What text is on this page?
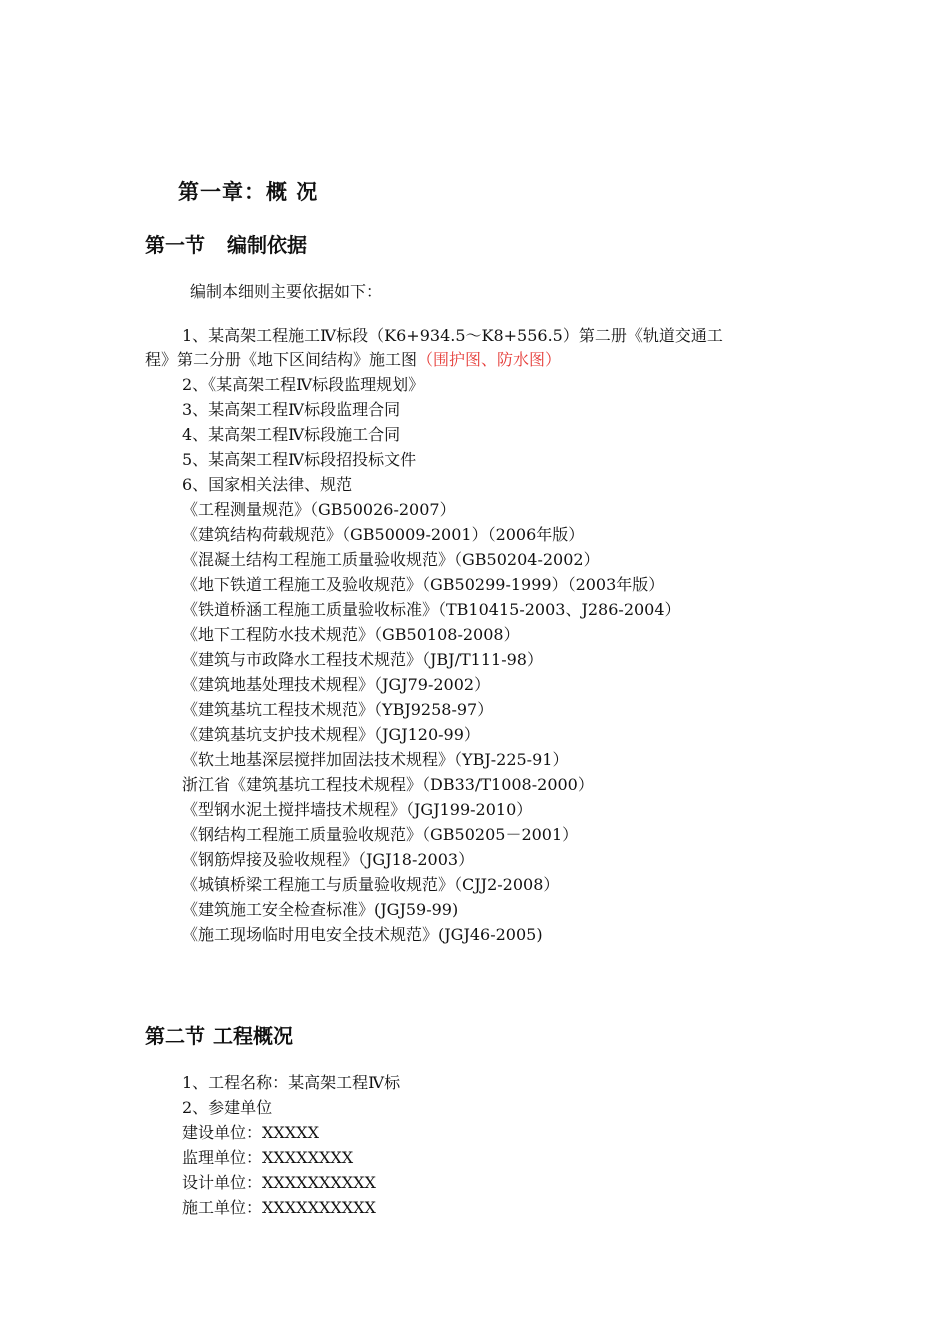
第一章：概 况
第一节 编制依据
编制本细则主要依据如下：
1、某高架工程施工Ⅳ标段（K6+934.5～K8+556.5）第二册《轨道交通工
程》第二分册《地下区间结构》施工图（围护图、防水图）
2、《某高架工程Ⅳ标段监理规划》
3、某高架工程Ⅳ标段监理合同
4、某高架工程Ⅳ标段施工合同
5、某高架工程Ⅳ标段招投标文件
6、国家相关法律、规范
《工程测量规范》（GB50026-2007）
《建筑结构荷载规范》（GB50009-2001）（2006年版）
《混凝土结构工程施工质量验收规范》（GB50204-2002）
《地下铁道工程施工及验收规范》（GB50299-1999）（2003年版）
《铁道桥涵工程施工质量验收标准》（TB10415-2003、J286-2004）
《地下工程防水技术规范》（GB50108-2008）
《建筑与市政降水工程技术规范》（JBJ/T111-98）
《建筑地基处理技术规程》（JGJ79-2002）
《建筑基坑工程技术规范》（YBJ9258-97）
《建筑基坑支护技术规程》（JGJ120-99）
《软土地基深层搅拌加固法技术规程》（YBJ-225-91）
浙江省《建筑基坑工程技术规程》（DB33/T1008-2000）
《型钢水泥土搅拌墙技术规程》（JGJ199-2010）
《钢结构工程施工质量验收规范》（GB50205－2001）
《钢筋焊接及验收规程》（JGJ18-2003）
《城镇桥梁工程施工与质量验收规范》（CJJ2-2008）
《建筑施工安全检查标准》(JGJ59-99)
《施工现场临时用电安全技术规范》(JGJ46-2005)
第二节 工程概况
1、工程名称：某高架工程Ⅳ标
2、参建单位
建设单位：XXXXX
监理单位：XXXXXXXX
设计单位：XXXXXXXXXX
施工单位：XXXXXXXXXX
